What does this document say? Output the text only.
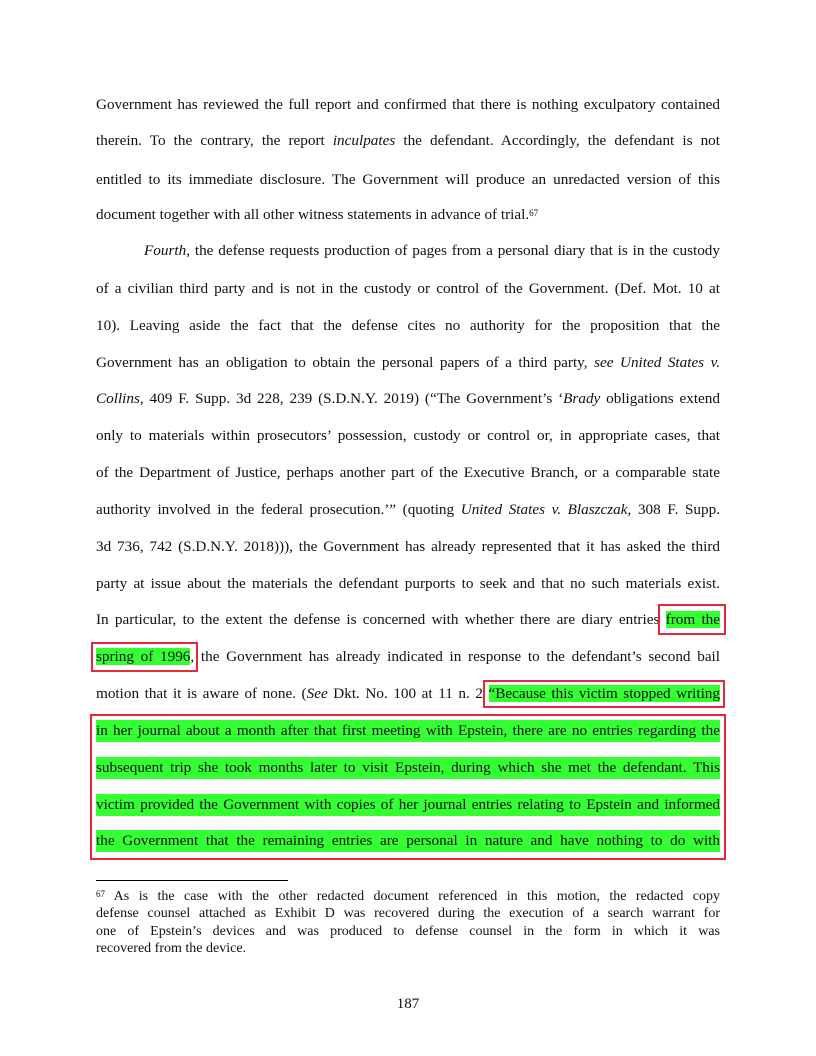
Government has reviewed the full report and confirmed that there is nothing exculpatory contained
therein. To the contrary, the report inculpates the defendant. Accordingly, the defendant is not
entitled to its immediate disclosure. The Government will produce an unredacted version of this
document together with all other witness statements in advance of trial.$^{67}$
Fourth, the defense requests production of pages from a personal diary that is in the custody
of a civilian third party and is not in the custody or control of the Government. (Def. Mot. 10 at
10). Leaving aside the fact that the defense cites no authority for the proposition that the
Government has an obligation to obtain the personal papers of a third party, see United States v.
Collins, 409 F. Supp. 3d 228, 239 (S.D.N.Y. 2019) (“The Government’s ‘Brady obligations extend
only to materials within prosecutors’ possession, custody or control or, in appropriate cases, that
of the Department of Justice, perhaps another part of the Executive Branch, or a comparable state
authority involved in the federal prosecution.’” (quoting United States v. Blaszczak, 308 F. Supp.
3d 736, 742 (S.D.N.Y. 2018))), the Government has already represented that it has asked the third
party at issue about the materials the defendant purports to seek and that no such materials exist.
In particular, to the extent the defense is concerned with whether there are diary entries from the
spring of 1996, the Government has already indicated in response to the defendant’s second bail
motion that it is aware of none. (See Dkt. No. 100 at 11 n. 2 “Because this victim stopped writing
in her journal about a month after that first meeting with Epstein, there are no entries regarding the
subsequent trip she took months later to visit Epstein, during which she met the defendant. This
victim provided the Government with copies of her journal entries relating to Epstein and informed
the Government that the remaining entries are personal in nature and have nothing to do with
$^{67}$ As is the case with the other redacted document referenced in this motion, the redacted copy
defense counsel attached as Exhibit D was recovered during the execution of a search warrant for
one of Epstein’s devices and was produced to defense counsel in the form in which it was
recovered from the device.
187
